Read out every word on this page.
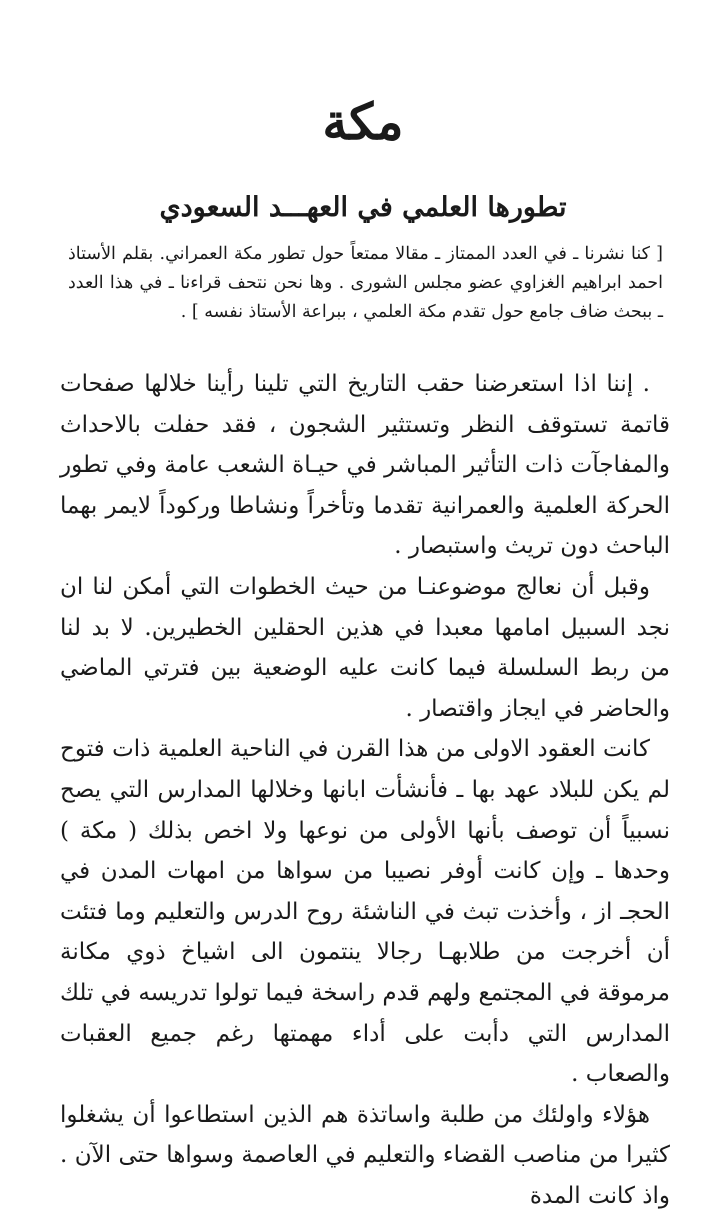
مكة
تطورها العلمي في العهـــد السعودي

[ كنا نشرنا ـ في العدد الممتاز ـ مقالا ممتعاً حول تطور مكة العمراني. بقلم الأستاذ احمد ابراهيم الغزاوي عضو مجلس الشورى . وها نحن نتحف قراءنا ـ في هذا العدد ـ ببحث ضاف جامع حول تقدم مكة العلمي ، ببراعة الأستاذ نفسه ] .

. إننا اذا استعرضنا حقب التاريخ التي تلينا رأينا خلالها صفحات قاتمة تستوقف النظر وتستثير الشجون ، فقد حفلت بالاحداث والمفاجآت ذات التأثير المباشر في حيـاة الشعب عامة وفي تطور الحركة العلمية والعمرانية تقدما وتأخراً ونشاطا وركوداً لايمر بهما الباحث دون تريث واستبصار .

وقبل أن نعالج موضوعنـا من حيث الخطوات التي أمكن لنا ان نجد السبيل امامها معبدا في هذين الحقلين الخطيرين. لا بد لنا من ربط السلسلة فيما كانت عليه الوضعية بين فترتي الماضي والحاضر في ايجاز واقتصار .

كانت العقود الاولى من هذا القرن في الناحية العلمية ذات فتوح لم يكن للبلاد عهد بها ـ فأنشأت ابانها وخلالها المدارس التي يصح نسبياً أن توصف بأنها الأولى من نوعها ولا اخص بذلك ( مكة ) وحدها ـ وإن كانت أوفر نصيبا من سواها من امهات المدن في الحجـ از ، وأخذت تبث في الناشئة روح الدرس والتعليم وما فتئت أن أخرجت من طلابهـا رجالا ينتمون الى اشياخ ذوي مكانة مرموقة في المجتمع ولهم قدم راسخة فيما تولوا تدريسه في تلك المدارس التي دأبت على أداء مهمتها رغم جميع العقبات والصعاب .

هؤلاء واولئك من طلبة واساتذة هم الذين استطاعوا أن يشغلوا كثيرا من مناصب القضاء والتعليم في العاصمة وسواها حتى الآن . واذ كانت المدة
